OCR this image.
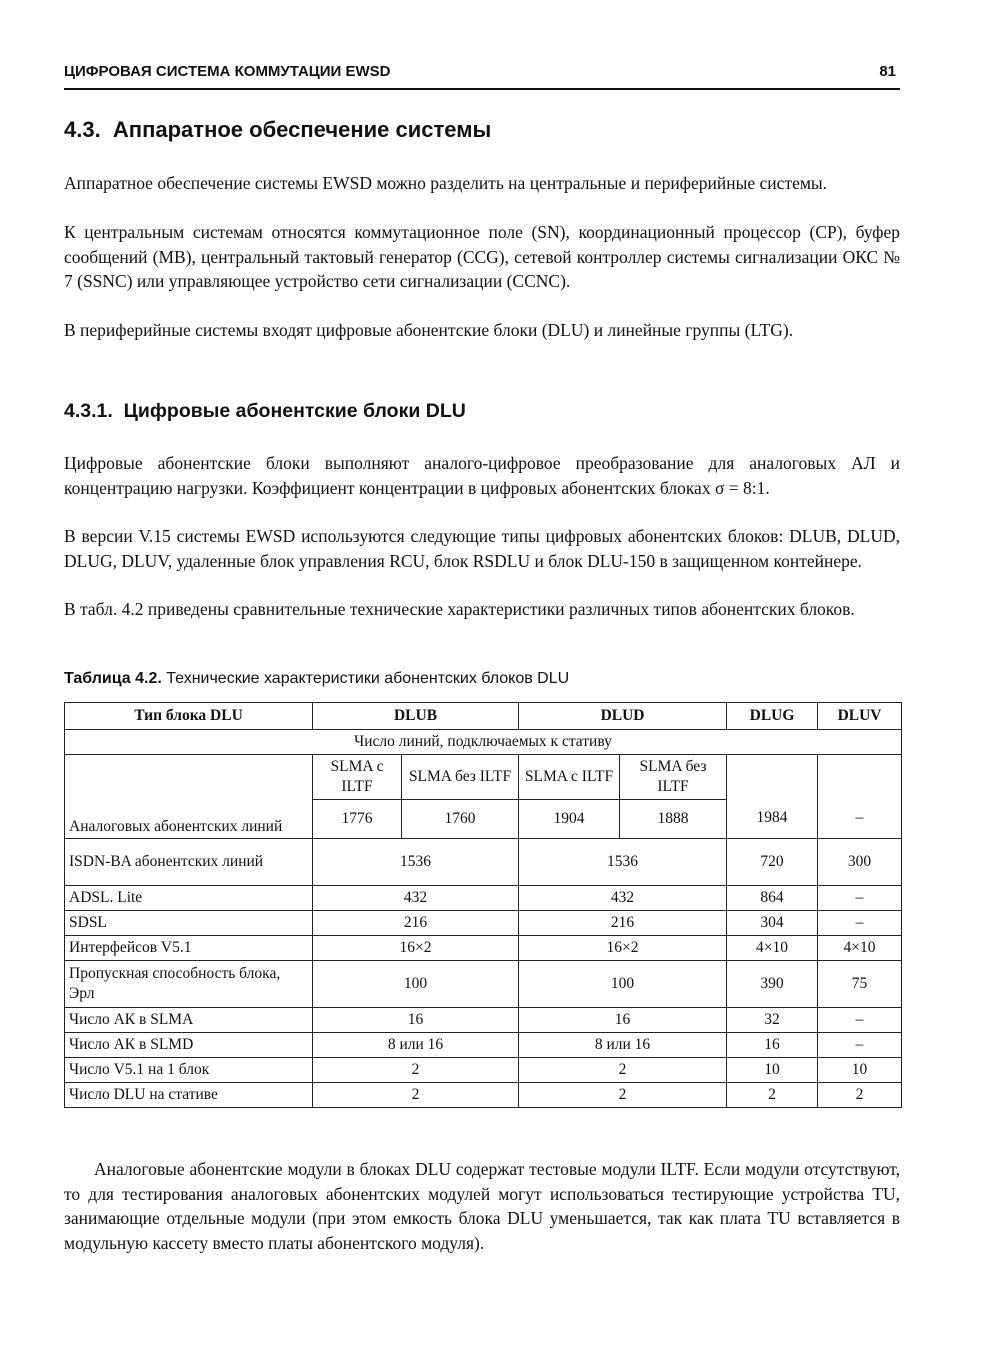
ЦИФРОВАЯ СИСТЕМА КОММУТАЦИИ EWSD	81
4.3.  Аппаратное обеспечение системы

Аппаратное обеспечение системы EWSD можно разделить на центральные и периферийные системы.

К центральным системам относятся коммутационное поле (SN), координационный процессор (CP), буфер сообщений (MB), центральный тактовый генератор (CCG), сетевой контроллер системы сигнализации ОКС № 7 (SSNC) или управляющее устройство сети сигнализации (CCNC).

В периферийные системы входят цифровые абонентские блоки (DLU) и линейные группы (LTG).

4.3.1.  Цифровые абонентские блоки DLU

Цифровые абонентские блоки выполняют аналого-цифровое преобразование для аналоговых АЛ и концентрацию нагрузки. Коэффициент концентрации в цифровых абонентских блоках σ = 8:1.

В версии V.15 системы EWSD используются следующие типы цифровых абонентских блоков: DLUB, DLUD, DLUG, DLUV, удаленные блок управления RCU, блок RSDLU и блок DLU-150 в защищенном контейнере.

В табл. 4.2 приведены сравнительные технические характеристики различных типов абонентских блоков.

Таблица 4.2. Технические характеристики абонентских блоков DLU
Тип блока DLU	DLUB		DLUD		DLUG	DLUV
Число линий, подключаемых к стативу						
Аналоговых абонентских линий	SLMA с ILTF	SLMA без ILTF	SLMA с ILTF	SLMA без ILTF	1984	–
	1776	1760	1904	1888		
ISDN-BA абонентских линий	1536		1536		720	300
ADSL. Lite	432		432		864	–
SDSL	216		216		304	–
Интерфейсов V5.1	16×2		16×2		4×10	4×10
Пропускная способность блока, Эрл	100		100		390	75
Число АК в SLMA	16		16		32	–
Число АК в SLMD	8 или 16		8 или 16		16	–
Число V5.1 на 1 блок	2		2		10	10
Число DLU на стативе	2		2		2	2

Аналоговые абонентские модули в блоках DLU содержат тестовые модули ILTF. Если модули отсутствуют, то для тестирования аналоговых абонентских модулей могут использоваться тестирующие устройства TU, занимающие отдельные модули (при этом емкость блока DLU уменьшается, так как плата TU вставляется в модульную кассету вместо платы абонентского модуля).
